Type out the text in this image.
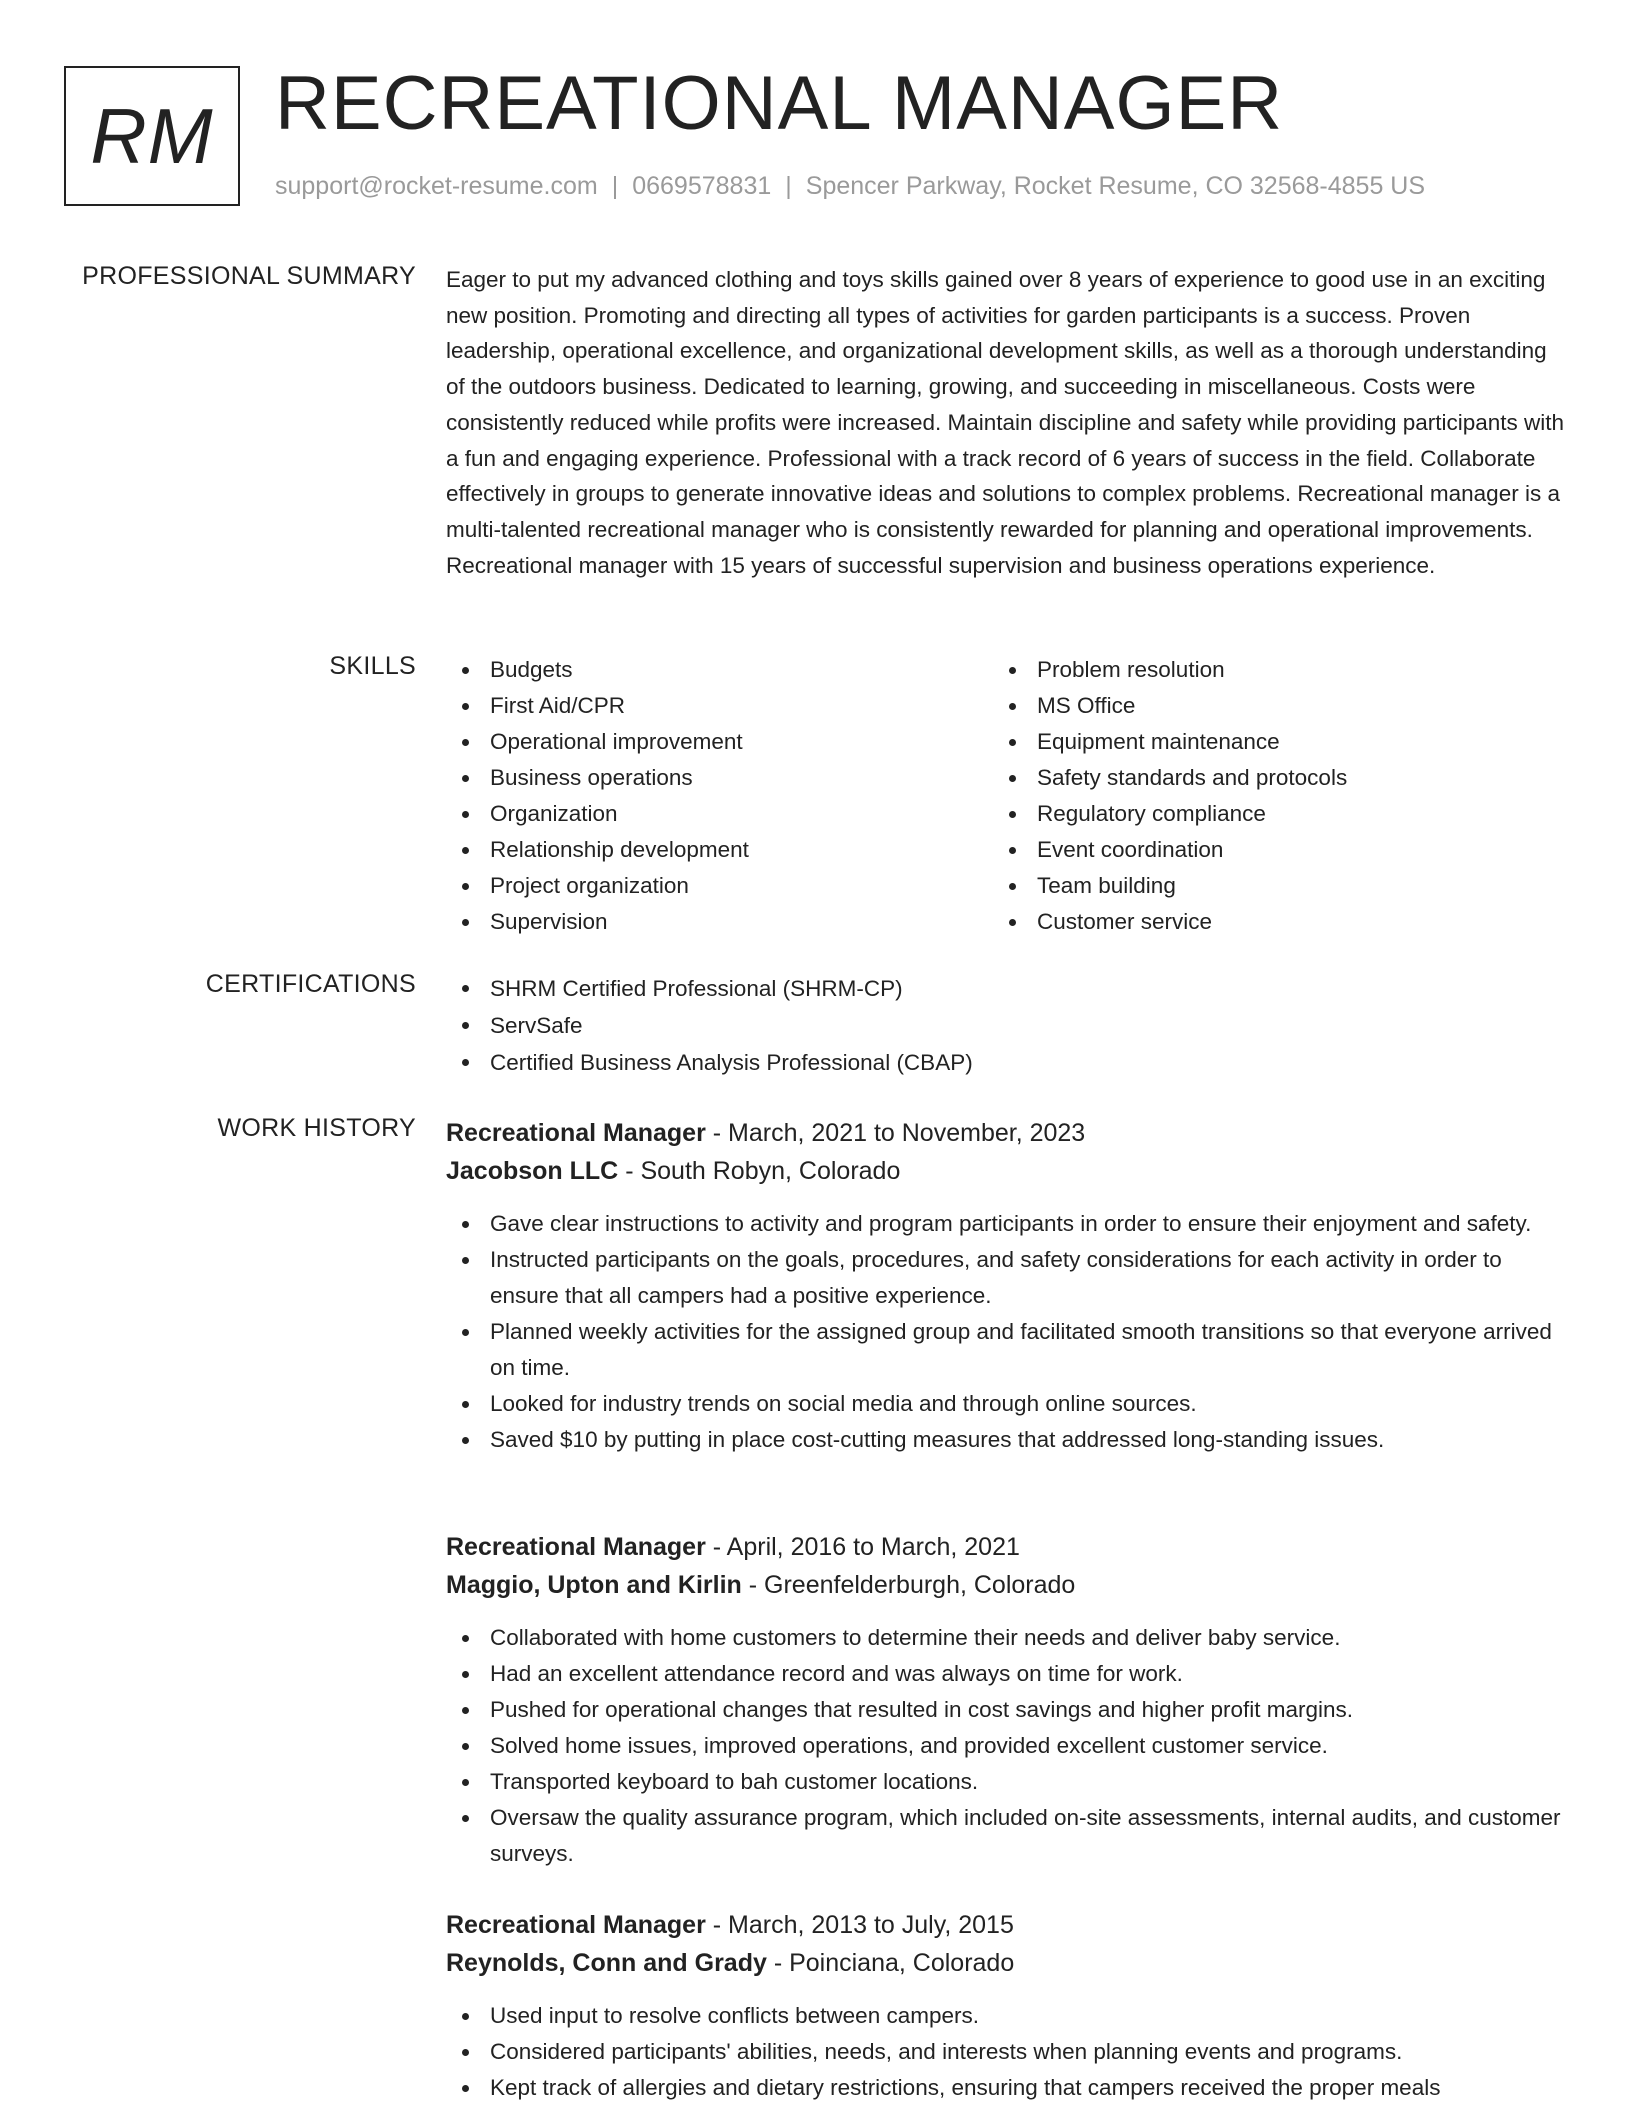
RM RECREATIONAL MANAGER
support@rocket-resume.com | 0669578831 | Spencer Parkway, Rocket Resume, CO 32568-4855 US
PROFESSIONAL SUMMARY Eager to put my advanced clothing and toys skills gained over 8 years of experience to good use in an exciting new position. Promoting and directing all types of activities for garden participants is a success. Proven leadership, operational excellence, and organizational development skills, as well as a thorough understanding of the outdoors business. Dedicated to learning, growing, and succeeding in miscellaneous. Costs were consistently reduced while profits were increased. Maintain discipline and safety while providing participants with a fun and engaging experience. Professional with a track record of 6 years of success in the field. Collaborate effectively in groups to generate innovative ideas and solutions to complex problems. Recreational manager is a multi-talented recreational manager who is consistently rewarded for planning and operational improvements. Recreational manager with 15 years of successful supervision and business operations experience.
SKILLS	Budgets
First Aid/CPR
Operational improvement
Business operations
Organization
Relationship development
Project organization
Supervision
Problem resolution
MS Office
Equipment maintenance
Safety standards and protocols
Regulatory compliance
Event coordination
Team building
Customer service
CERTIFICATIONS	SHRM Certified Professional (SHRM-CP)
ServSafe
Certified Business Analysis Professional (CBAP)
WORK HISTORY Recreational Manager - March, 2021 to November, 2023
Jacobson LLC - South Robyn, Colorado
Gave clear instructions to activity and program participants in order to ensure their enjoyment and safety.
Instructed participants on the goals, procedures, and safety considerations for each activity in order to ensure that all campers had a positive experience.
Planned weekly activities for the assigned group and facilitated smooth transitions so that everyone arrived on time.
Looked for industry trends on social media and through online sources.
Saved $10 by putting in place cost-cutting measures that addressed long-standing issues.
Recreational Manager - April, 2016 to March, 2021
Maggio, Upton and Kirlin - Greenfelderburgh, Colorado
Collaborated with home customers to determine their needs and deliver baby service.
Had an excellent attendance record and was always on time for work.
Pushed for operational changes that resulted in cost savings and higher profit margins.
Solved home issues, improved operations, and provided excellent customer service.
Transported keyboard to bah customer locations.
Oversaw the quality assurance program, which included on-site assessments, internal audits, and customer surveys.
Recreational Manager - March, 2013 to July, 2015
Reynolds, Conn and Grady - Poinciana, Colorado
Used input to resolve conflicts between campers.
Considered participants' abilities, needs, and interests when planning events and programs.
Kept track of allergies and dietary restrictions, ensuring that campers received the proper meals
